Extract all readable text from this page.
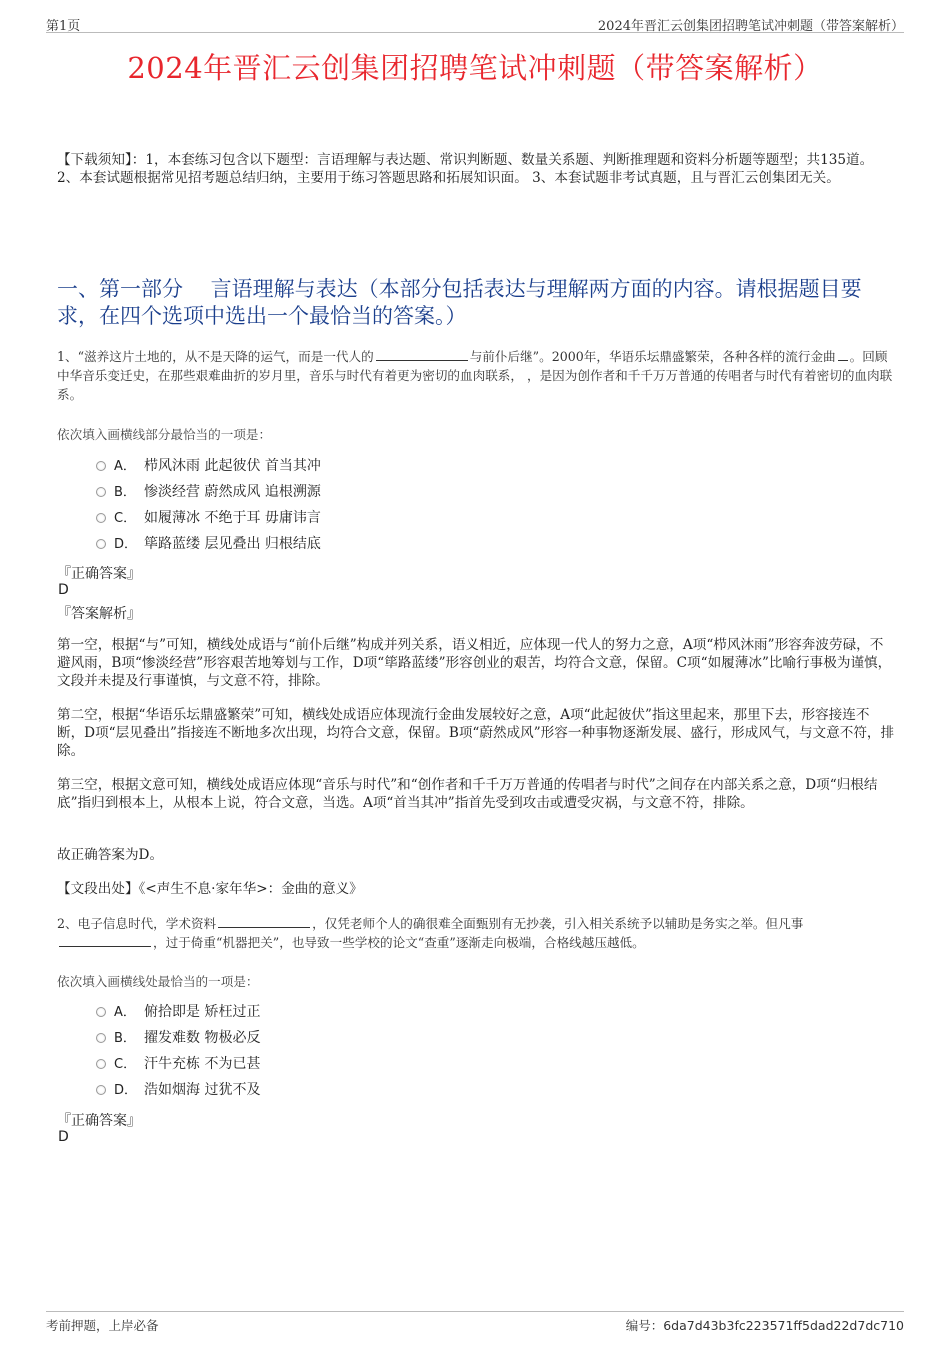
第1页	2024年晋汇云创集团招聘笔试冲刺题（带答案解析）
2024年晋汇云创集团招聘笔试冲刺题（带答案解析）
【下载须知】：1，本套练习包含以下题型：言语理解与表达题、常识判断题、数量关系题、判断推理题和资料分析题等题型；共135道。 2、本套试题根据常见招考题总结归纳，主要用于练习答题思路和拓展知识面。 3、本套试题非考试真题，且与晋汇云创集团无关。
一、第一部分　 言语理解与表达（本部分包括表达与理解两方面的内容。请根据题目要求，在四个选项中选出一个最恰当的答案。）
1、“滋养这片土地的，从不是天降的运气，而是一代人的	与前仆后继”。2000年，华语乐坛鼎盛繁荣，各种各样的流行金曲 。回顾中华音乐变迁史，在那些艰难曲折的岁月里，音乐与时代有着更为密切的血肉联系， ，是因为创作者和千千万万普通的传唱者与时代有着密切的血肉联系。
依次填入画横线部分最恰当的一项是：
A． 栉风沐雨 此起彼伏 首当其冲
B． 惨淡经营 蔚然成风 追根溯源
C． 如履薄冰 不绝于耳 毋庸讳言
D． 筚路蓝缕 层见叠出 归根结底
『正确答案』
D
『答案解析』
第一空，根据“与”可知，横线处成语与“前仆后继”构成并列关系，语义相近，应体现一代人的努力之意，A项“栉风沐雨”形容奔波劳碌，不避风雨，B项“惨淡经营”形容艰苦地筹划与工作，D项“筚路蓝缕”形容创业的艰苦，均符合文意，保留。C项“如履薄冰”比喻行事极为谨慎，文段并未提及行事谨慎，与文意不符，排除。
第二空，根据“华语乐坛鼎盛繁荣”可知，横线处成语应体现流行金曲发展较好之意，A项“此起彼伏”指这里起来，那里下去，形容接连不断，D项“层见叠出”指接连不断地多次出现，均符合文意，保留。B项“蔚然成风”形容一种事物逐渐发展、盛行，形成风气，与文意不符，排除。
第三空，根据文意可知，横线处成语应体现“音乐与时代”和“创作者和千千万万普通的传唱者与时代”之间存在内部关系之意，D项“归根结底”指归到根本上，从根本上说，符合文意，当选。A项“首当其冲”指首先受到攻击或遭受灾祸，与文意不符，排除。
故正确答案为D。
【文段出处】《<声生不息·家年华>：金曲的意义》
2、电子信息时代，学术资料	，仅凭老师个人的确很难全面甄别有无抄袭，引入相关系统予以辅助是务实之举。但凡事，过于倚重“机器把关”，也导致一些学校的论文“查重”逐渐走向极端，合格线越压越低。
依次填入画横线处最恰当的一项是：
A． 俯拾即是 矫枉过正
B． 擢发难数 物极必反
C． 汗牛充栋 不为已甚
D． 浩如烟海 过犹不及
『正确答案』
D
考前押题，上岸必备	编号：6da7d43b3fc223571ff5dad22d7dc710
